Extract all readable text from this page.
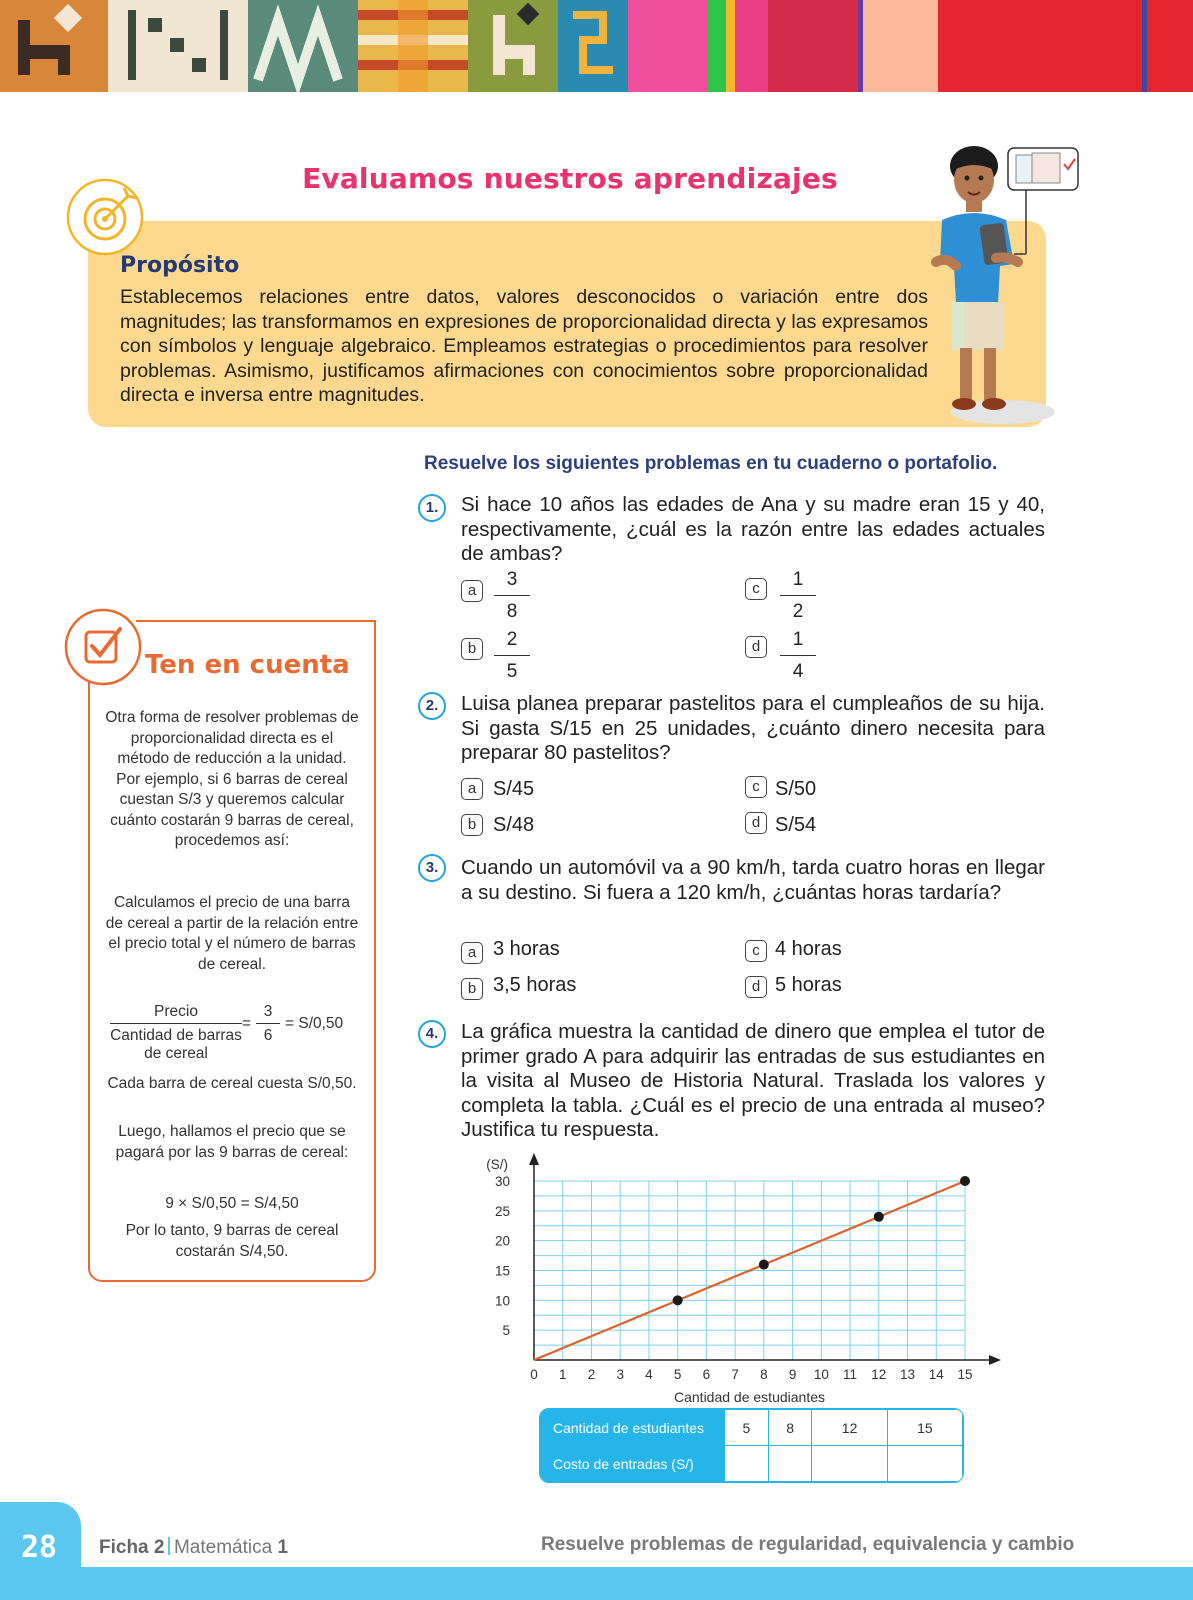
Evaluamos nuestros aprendizajes
Propósito
Establecemos relaciones entre datos, valores desconocidos o variación entre dos magnitudes; las transformamos en expresiones de proporcionalidad directa y las expresamos con símbolos y lenguaje algebraico. Empleamos estrategias o procedimientos para resolver problemas. Asimismo, justificamos afirmaciones con conocimientos sobre proporcionalidad directa e inversa entre magnitudes.
Resuelve los siguientes problemas en tu cuaderno o portafolio.
1.	Si hace 10 años las edades de Ana y su madre eran 15 y 40, respectivamente, ¿cuál es la razón entre las edades actuales de ambas?
a $\frac{3}{8}$	c	$\frac{1}{2}$
b $\frac{2}{5}$	d	$\frac{1}{4}$
2.	Luisa planea preparar pastelitos para el cumpleaños de su hija. Si gasta S/15 en 25 unidades, ¿cuánto dinero necesita para preparar 80 pastelitos?
a S/45	c S/50
b S/48	d S/54
3.	Cuando un automóvil va a 90 km/h, tarda cuatro horas en llegar a su destino. Si fuera a 120 km/h, ¿cuántas horas tardaría?
a 3 horas	c 4 horas
b 3,5 horas	d 5 horas
4.	La gráfica muestra la cantidad de dinero que emplea el tutor de primer grado A para adquirir las entradas de sus estudiantes en la visita al Museo de Historia Natural. Traslada los valores y completa la tabla. ¿Cuál es el precio de una entrada al museo? Justifica tu respuesta.
0 1 2 3 4 5 6 7 8 9 10 11 12 13 14 15
5
10
15
20
25
30
(S/)
Cantidad de estudiantes
Cantidad de estudiantes	5	8	12	15
Costo de entradas (S/)				
Ten en cuenta
Otra forma de resolver problemas de proporcionalidad directa es el método de reducción a la unidad. Por ejemplo, si 6 barras de cereal cuestan S/3 y queremos calcular cuánto costarán 9 barras de cereal, procedemos así:
Calculamos el precio de una barra de cereal a partir de la relación entre el precio total y el número de barras de cereal.
Precio
Cantidad de barras de cereal
= $\frac{3}{6} = S/0,50$
Cada barra de cereal cuesta S/0,50.
Luego, hallamos el precio que se pagará por las 9 barras de cereal:
9 × S/0,50 = S/4,50
Por lo tanto, 9 barras de cereal costarán S/4,50.
28	Ficha 2 Matemática 1	Resuelve problemas de regularidad, equivalencia y cambio
